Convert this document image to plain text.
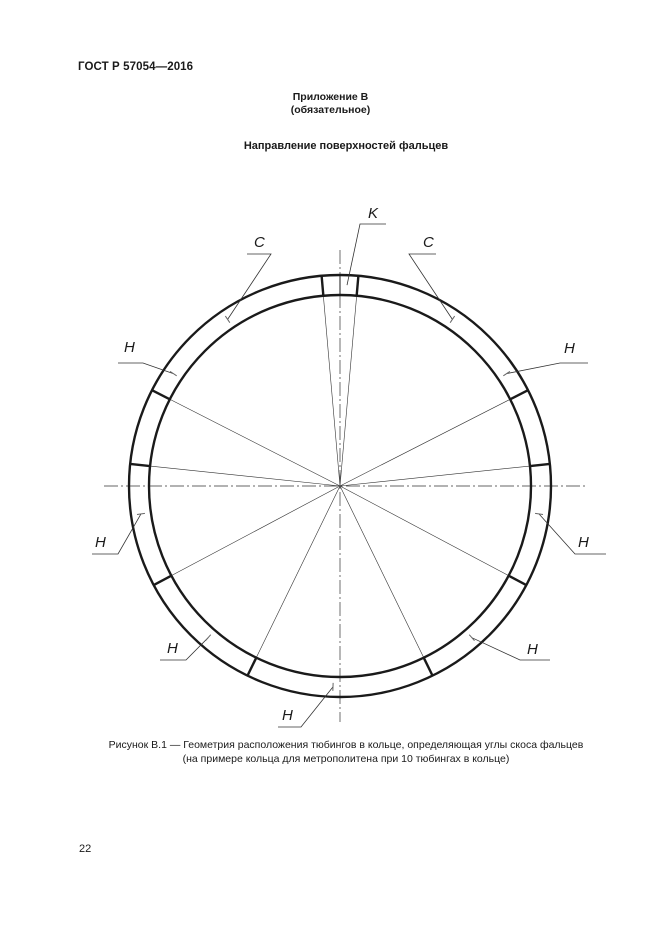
ГОСТ Р 57054—2016
Приложение В
(обязательное)
Направление поверхностей фальцев
K
C	C
H	H
H	H
H	H
H
Рисунок В.1 — Геометрия расположения тюбингов в кольце, определяющая углы скоса фальцев
(на примере кольца для метрополитена при 10 тюбингах в кольце)
22
